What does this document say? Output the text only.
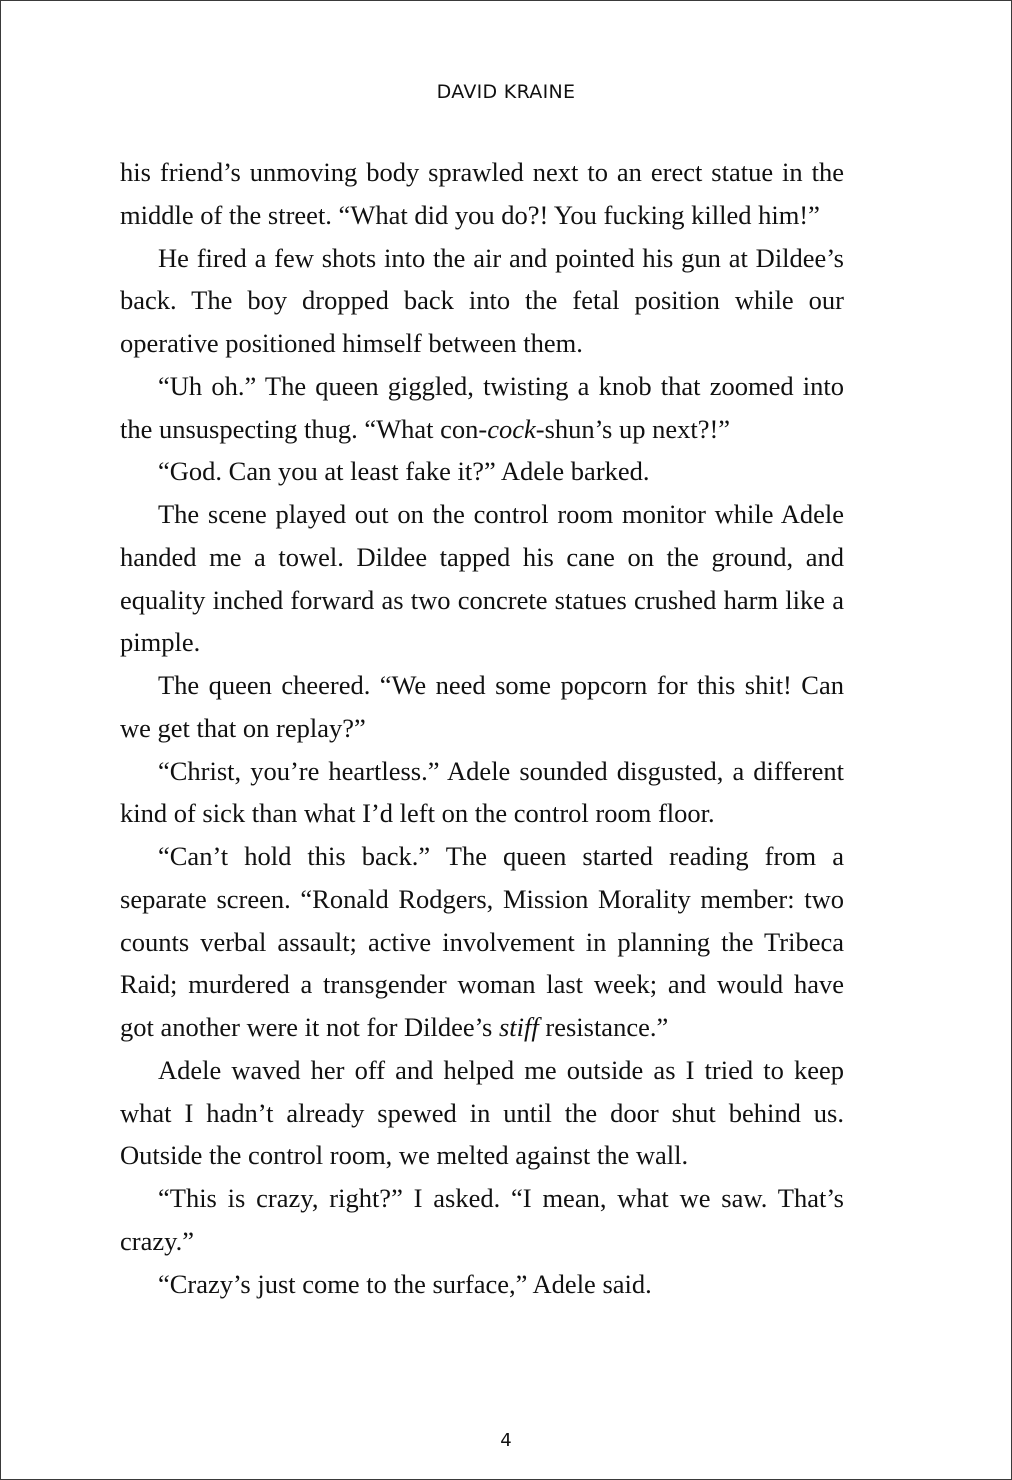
DAVID KRAINE

his friend’s unmoving body sprawled next to an erect statue in the middle of the street. “What did you do?! You fucking killed him!”

He fired a few shots into the air and pointed his gun at Dildee’s back. The boy dropped back into the fetal position while our operative positioned himself between them.

“Uh oh.” The queen giggled, twisting a knob that zoomed into the unsuspecting thug. “What con-cock-shun’s up next?!”

“God. Can you at least fake it?” Adele barked.

The scene played out on the control room monitor while Adele handed me a towel. Dildee tapped his cane on the ground, and equality inched forward as two concrete statues crushed harm like a pimple.

The queen cheered. “We need some popcorn for this shit! Can we get that on replay?”

“Christ, you’re heartless.” Adele sounded disgusted, a different kind of sick than what I’d left on the control room floor.

“Can’t hold this back.” The queen started reading from a separate screen. “Ronald Rodgers, Mission Morality member: two counts verbal assault; active involvement in planning the Tribeca Raid; murdered a transgender woman last week; and would have got another were it not for Dildee’s stiff resistance.”

Adele waved her off and helped me outside as I tried to keep what I hadn’t already spewed in until the door shut behind us. Outside the control room, we melted against the wall.

“This is crazy, right?” I asked. “I mean, what we saw. That’s crazy.”

“Crazy’s just come to the surface,” Adele said.

4
